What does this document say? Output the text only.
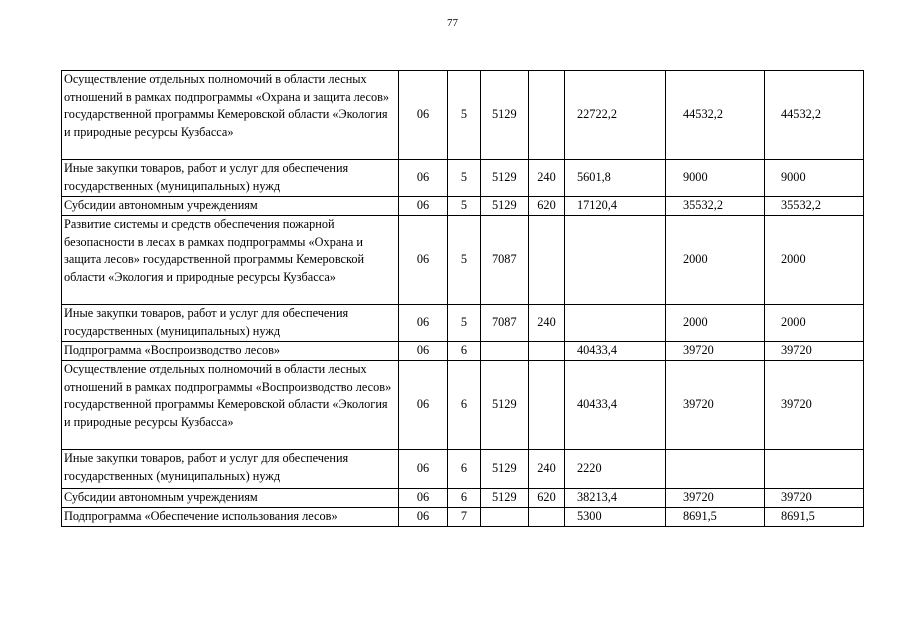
77
Осуществление отдельных полномочий в области лесных отношений в рамках подпрограммы «Охрана и защита лесов» государственной программы Кемеровской области «Экология и природные ресурсы Кузбасса»	06	5	5129		22722,2	44532,2	44532,2
Иные закупки товаров, работ и услуг для обеспечения государственных (муниципальных) нужд	06	5	5129	240	5601,8	9000	9000
Субсидии автономным учреждениям	06	5	5129	620	17120,4	35532,2	35532,2
Развитие системы и средств обеспечения пожарной безопасности в лесах в рамках подпрограммы «Охрана и защита лесов» государственной программы Кемеровской области «Экология и природные ресурсы Кузбасса»	06	5	7087			2000	2000
Иные закупки товаров, работ и услуг для обеспечения государственных (муниципальных) нужд	06	5	7087	240		2000	2000
Подпрограмма «Воспроизводство лесов»	06	6			40433,4	39720	39720
Осуществление отдельных полномочий в области лесных отношений в рамках подпрограммы «Воспроизводство лесов» государственной программы Кемеровской области «Экология и природные ресурсы Кузбасса»	06	6	5129		40433,4	39720	39720
Иные закупки товаров, работ и услуг для обеспечения государственных (муниципальных) нужд	06	6	5129	240	2220		
Субсидии автономным учреждениям	06	6	5129	620	38213,4	39720	39720
Подпрограмма «Обеспечение использования лесов»	06	7			5300	8691,5	8691,5
